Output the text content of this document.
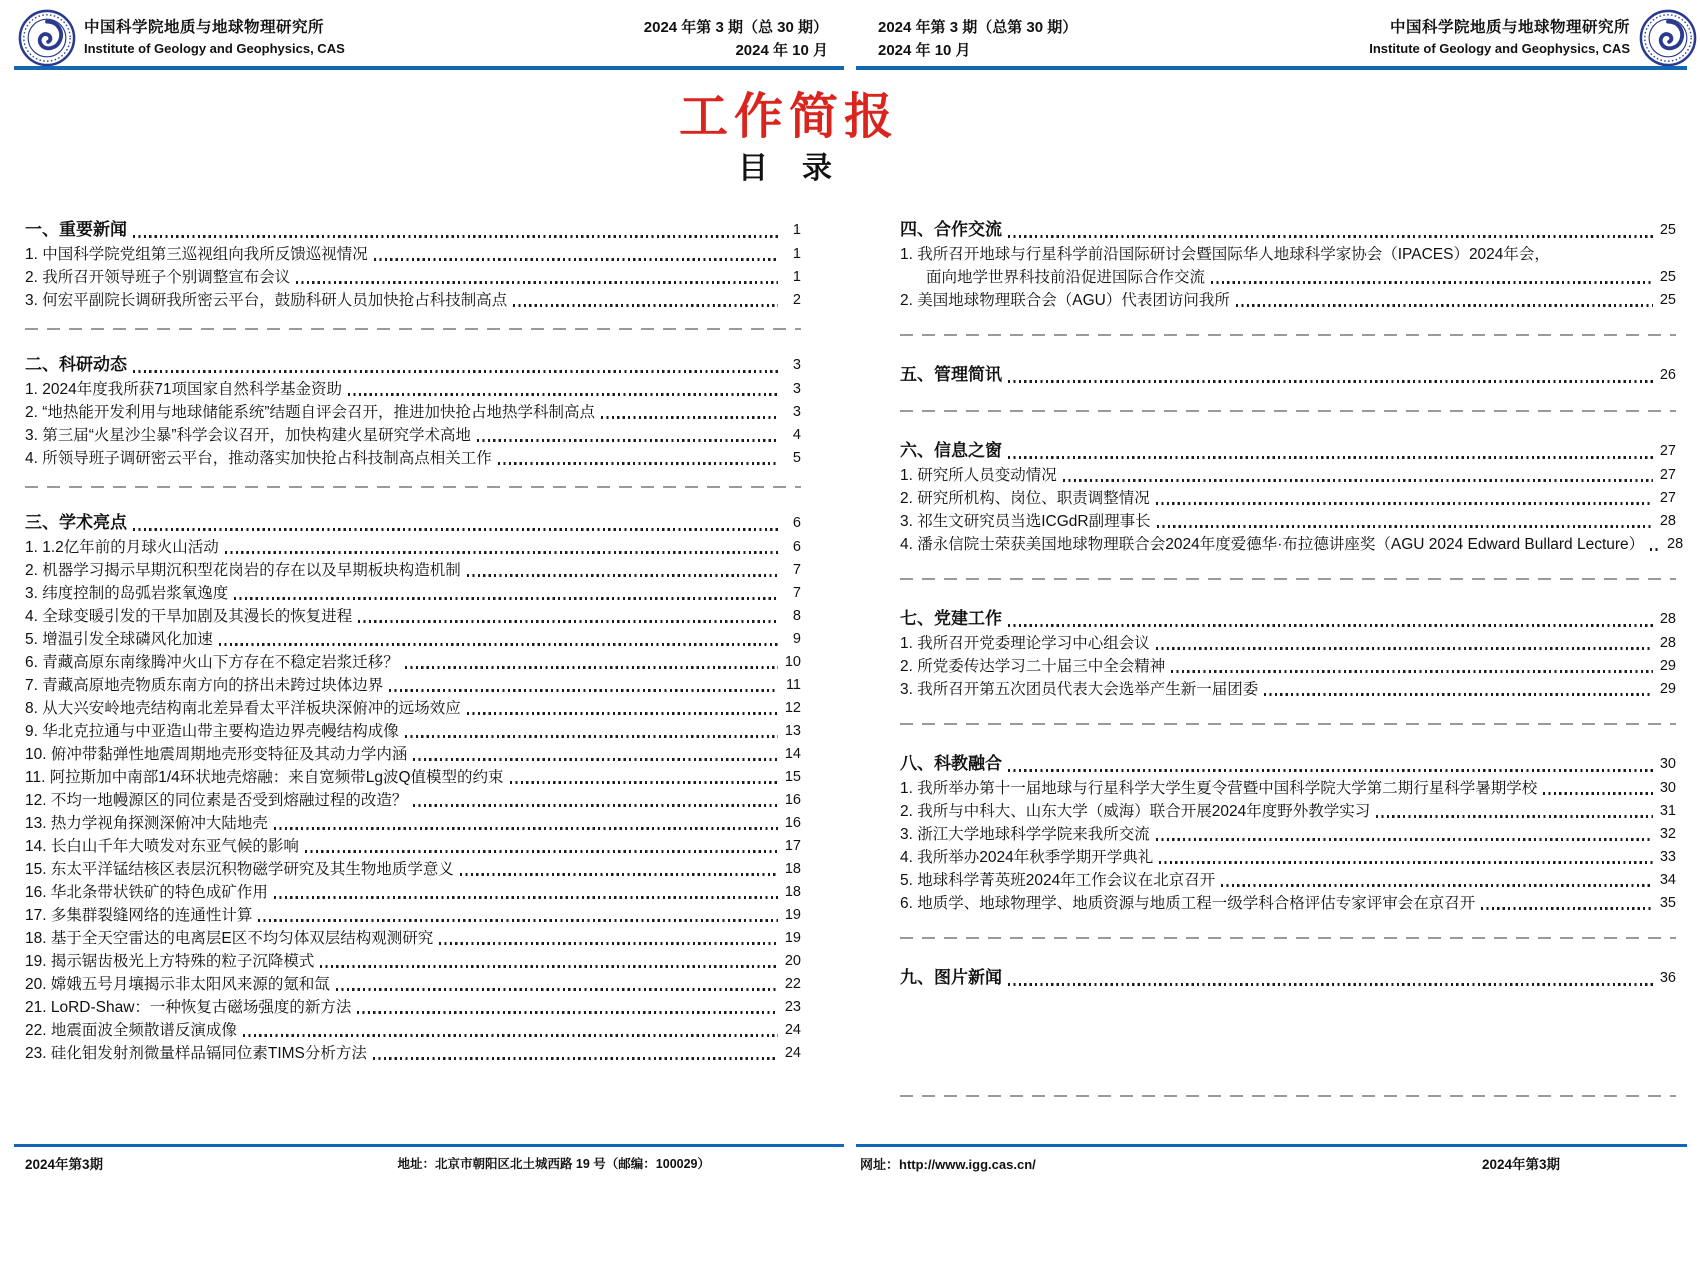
中国科学院地质与地球物理研究所
Institute of Geology and Geophysics, CAS
2024 年第 3 期（总 30 期）
2024 年 10 月
2024年第3期	地址：北京市朝阳区北土城西路 19 号（邮编：100029）
中国科学院地质与地球物理研究所
Institute of Geology and Geophysics, CAS
2024 年第 3 期（总第 30 期）
2024 年 10 月
网址：http://www.igg.cas.cn/	2024年第3期
工作简报
目　录
一、重要新闻	1
1. 中国科学院党组第三巡视组向我所反馈巡视情况	1
2. 我所召开领导班子个别调整宣布会议	1
3. 何宏平副院长调研我所密云平台，鼓励科研人员加快抢占科技制高点	2
二、科研动态	3
1. 2024年度我所获71项国家自然科学基金资助	3
2. “地热能开发利用与地球储能系统”结题自评会召开，推进加快抢占地热学科制高点	3
3. 第三届“火星沙尘暴”科学会议召开，加快构建火星研究学术高地	4
4. 所领导班子调研密云平台，推动落实加快抢占科技制高点相关工作	5
三、学术亮点	6
1. 1.2亿年前的月球火山活动	6
2. 机器学习揭示早期沉积型花岗岩的存在以及早期板块构造机制	7
3. 纬度控制的岛弧岩浆氧逸度	7
4. 全球变暖引发的干旱加剧及其漫长的恢复进程	8
5. 增温引发全球磷风化加速	9
6. 青藏高原东南缘腾冲火山下方存在不稳定岩浆迁移？	10
7. 青藏高原地壳物质东南方向的挤出未跨过块体边界	11
8. 从大兴安岭地壳结构南北差异看太平洋板块深俯冲的远场效应	12
9. 华北克拉通与中亚造山带主要构造边界壳幔结构成像	13
10. 俯冲带黏弹性地震周期地壳形变特征及其动力学内涵	14
11. 阿拉斯加中南部1/4环状地壳熔融：来自宽频带Lg波Q值模型的约束	15
12. 不均一地幔源区的同位素是否受到熔融过程的改造？	16
13. 热力学视角探测深俯冲大陆地壳	16
14. 长白山千年大喷发对东亚气候的影响	17
15. 东太平洋锰结核区表层沉积物磁学研究及其生物地质学意义	18
16. 华北条带状铁矿的特色成矿作用	18
17. 多集群裂缝网络的连通性计算	19
18. 基于全天空雷达的电离层E区不均匀体双层结构观测研究	19
19. 揭示锯齿极光上方特殊的粒子沉降模式	20
20. 嫦娥五号月壤揭示非太阳风来源的氪和氙	22
21. LoRD-Shaw：一种恢复古磁场强度的新方法	23
22. 地震面波全频散谱反演成像	24
23. 硅化钼发射剂微量样品镉同位素TIMS分析方法	24
四、合作交流	25
1. 我所召开地球与行星科学前沿国际研讨会暨国际华人地球科学家协会（IPACES）2024年会，
面向地学世界科技前沿促进国际合作交流	25
2. 美国地球物理联合会（AGU）代表团访问我所	25
五、管理简讯	26
六、信息之窗	27
1. 研究所人员变动情况	27
2. 研究所机构、岗位、职责调整情况	27
3. 祁生文研究员当选ICGdR副理事长	28
4. 潘永信院士荣获美国地球物理联合会2024年度爱德华·布拉德讲座奖（AGU 2024 Edward Bullard Lecture） 28
七、党建工作	28
1. 我所召开党委理论学习中心组会议	28
2. 所党委传达学习二十届三中全会精神	29
3. 我所召开第五次团员代表大会选举产生新一届团委	29
八、科教融合	30
1. 我所举办第十一届地球与行星科学大学生夏令营暨中国科学院大学第二期行星科学暑期学校	30
2. 我所与中科大、山东大学（威海）联合开展2024年度野外教学实习	31
3. 浙江大学地球科学学院来我所交流	32
4. 我所举办2024年秋季学期开学典礼	33
5. 地球科学菁英班2024年工作会议在北京召开	34
6. 地质学、地球物理学、地质资源与地质工程一级学科合格评估专家评审会在京召开	35
九、图片新闻	36
